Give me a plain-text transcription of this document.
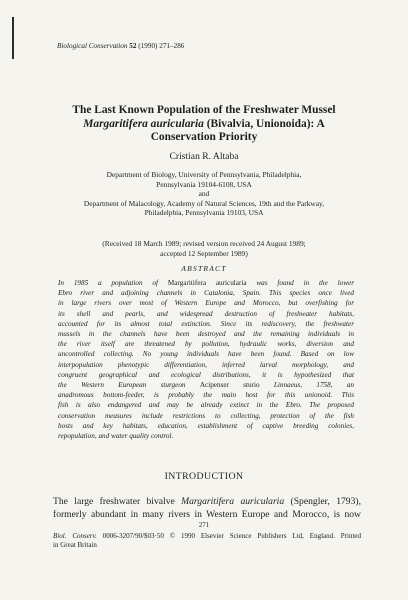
Biological Conservation 52 (1990) 271–286
The Last Known Population of the Freshwater Mussel
Margaritifera auricularia (Bivalvia, Unionoida): A
Conservation Priority
Cristian R. Altaba
Department of Biology, University of Pennsylvania, Philadelphia,
Pennsylvania 19104-6108, USA
and
Department of Malacology, Academy of Natural Sciences, 19th and the Parkway,
Philadelphia, Pennsylvania 19103, USA
(Received 18 March 1989; revised version received 24 August 1989;
accepted 12 September 1989)
ABSTRACT
In 1985 a population of Margaritifera auricularia was found in the lower
Ebro river and adjoining channels in Catalonia, Spain. This species once lived
in large rivers over most of Western Europe and Morocco, but overfishing for
its shell and pearls, and widespread destruction of freshwater habitats,
accounted for its almost total extinction. Since its rediscovery, the freshwater
mussels in the channels have been destroyed and the remaining individuals in
the river itself are threatened by pollution, hydraulic works, diversion and
uncontrolled collecting. No young individuals have been found. Based on low
interpopulation phenotypic differentiation, inferred larval morphology, and
congruent geographical and ecological distributions, it is hypothesized that
the Western European sturgeon Acipenser sturio Linnaeus, 1758, an
anadromous bottom-feeder, is probably the main host for this unionoid. This
fish is also endangered and may be already extinct in the Ebro. The proposed
conservation measures include restrictions to collecting, protection of the fish
hosts and key habitats, education, establishment of captive breeding colonies,
repopulation, and water quality control.
INTRODUCTION
The large freshwater bivalve Margaritifera auricularia (Spengler, 1793),
formerly abundant in many rivers in Western Europe and Morocco, is now
271
Biol. Conserv. 0006-3207/90/$03·50 © 1990 Elsevier Science Publishers Ltd, England. Printed
in Great Britain
